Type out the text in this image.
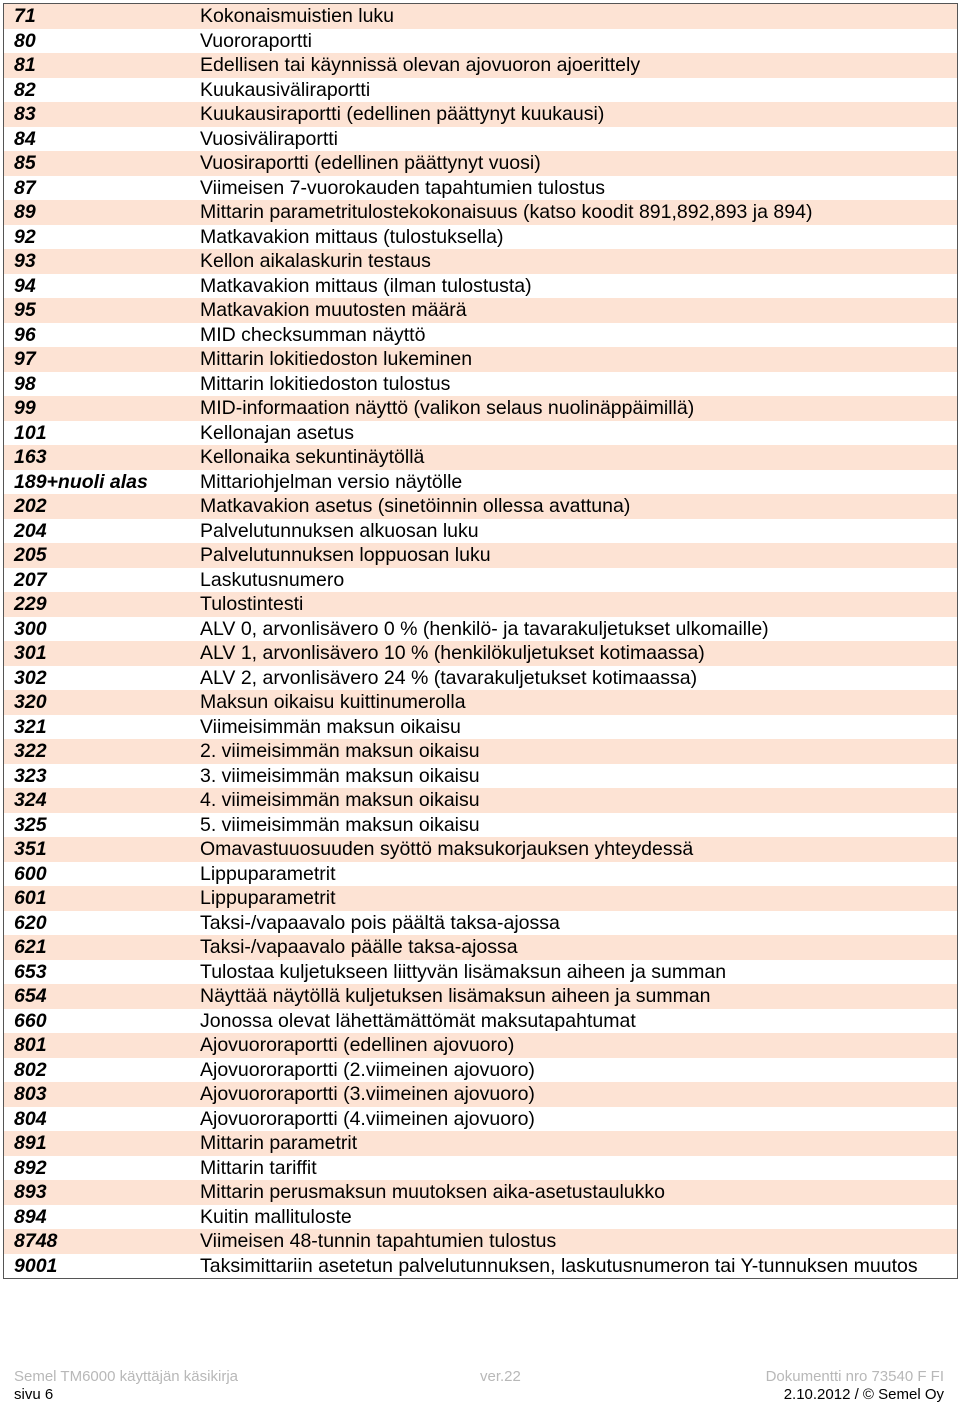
71	Kokonaismuistien luku
80	Vuororaportti
81	Edellisen tai käynnissä olevan ajovuoron ajoerittely
82	Kuukausiväliraportti
83	Kuukausiraportti (edellinen päättynyt kuukausi)
84	Vuosiväliraportti
85	Vuosiraportti (edellinen päättynyt vuosi)
87	Viimeisen 7-vuorokauden tapahtumien tulostus
89	Mittarin parametritulostekokonaisuus (katso koodit 891,892,893 ja 894)
92	Matkavakion mittaus (tulostuksella)
93	Kellon aikalaskurin testaus
94	Matkavakion mittaus (ilman tulostusta)
95	Matkavakion muutosten määrä
96	MID checksumman näyttö
97	Mittarin lokitiedoston lukeminen
98	Mittarin lokitiedoston tulostus
99	MID-informaation näyttö (valikon selaus nuolinäppäimillä)
101	Kellonajan asetus
163	Kellonaika sekuntinäytöllä
189+nuoli alas	Mittariohjelman versio näytölle
202	Matkavakion asetus (sinetöinnin ollessa avattuna)
204	Palvelutunnuksen alkuosan luku
205	Palvelutunnuksen loppuosan luku
207	Laskutusnumero
229	Tulostintesti
300	ALV 0, arvonlisävero 0 % (henkilö- ja tavarakuljetukset ulkomaille)
301	ALV 1, arvonlisävero 10 % (henkilökuljetukset kotimaassa)
302	ALV 2, arvonlisävero 24 % (tavarakuljetukset kotimaassa)
320	Maksun oikaisu kuittinumerolla
321	Viimeisimmän maksun oikaisu
322	2. viimeisimmän maksun oikaisu
323	3. viimeisimmän maksun oikaisu
324	4. viimeisimmän maksun oikaisu
325	5. viimeisimmän maksun oikaisu
351	Omavastuuosuuden syöttö maksukorjauksen yhteydessä
600	Lippuparametrit
601	Lippuparametrit
620	Taksi-/vapaavalo pois päältä taksa-ajossa
621	Taksi-/vapaavalo päälle taksa-ajossa
653	Tulostaa kuljetukseen liittyvän lisämaksun aiheen ja summan
654	Näyttää näytöllä kuljetuksen lisämaksun aiheen ja summan
660	Jonossa olevat lähettämättömät maksutapahtumat
801	Ajovuororaportti (edellinen ajovuoro)
802	Ajovuororaportti (2.viimeinen ajovuoro)
803	Ajovuororaportti (3.viimeinen ajovuoro)
804	Ajovuororaportti (4.viimeinen ajovuoro)
891	Mittarin parametrit
892	Mittarin tariffit
893	Mittarin perusmaksun muutoksen aika-asetustaulukko
894	Kuitin mallituloste
8748	Viimeisen 48-tunnin tapahtumien tulostus
9001	Taksimittariin asetetun palvelutunnuksen, laskutusnumeron tai Y-tunnuksen muutos
Semel TM6000 käyttäjän käsikirja	ver.22	Dokumentti nro 73540 F FI
sivu 6	2.10.2012 / © Semel Oy
